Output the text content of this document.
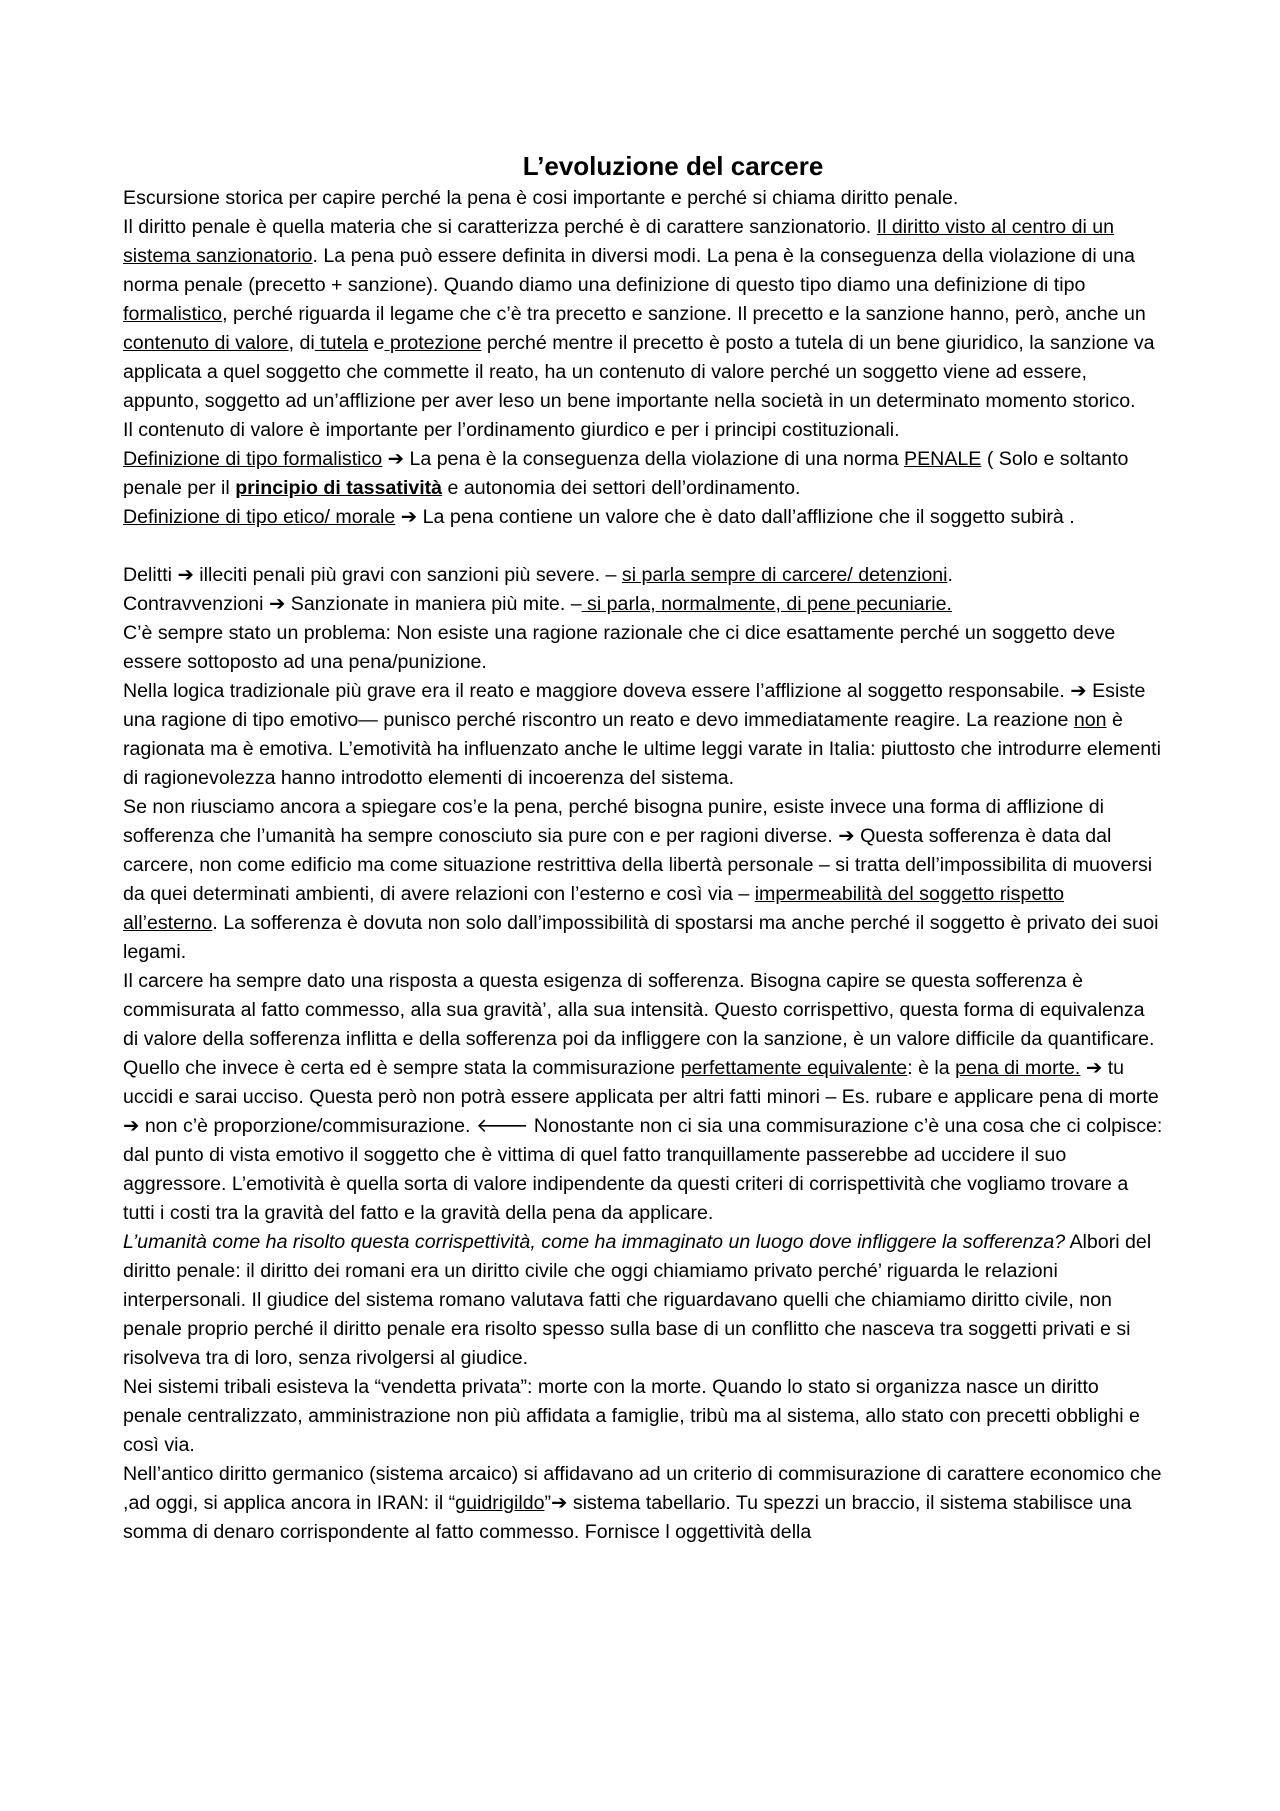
L’evoluzione del carcere

Escursione storica per capire perché la pena è cosi importante e perché si chiama diritto penale.

Il diritto penale è quella materia che si caratterizza perché è di carattere sanzionatorio. Il diritto visto al centro di un sistema sanzionatorio. La pena può essere definita in diversi modi. La pena è la conseguenza della violazione di una norma penale (precetto + sanzione). Quando diamo una definizione di questo tipo diamo una definizione di tipo formalistico, perché riguarda il legame che c’è tra precetto e sanzione. Il precetto e la sanzione hanno, però, anche un contenuto di valore, di tutela e protezione perché mentre il precetto è posto a tutela di un bene giuridico, la sanzione va applicata a quel soggetto che commette il reato, ha un contenuto di valore perché un soggetto viene ad essere, appunto, soggetto ad un’afflizione per aver leso un bene importante nella società in un determinato momento storico.

Il contenuto di valore è importante per l’ordinamento giurdico e per i principi costituzionali.

Definizione di tipo formalistico ➔ La pena è la conseguenza della violazione di una norma PENALE ( Solo e soltanto penale per il principio di tassatività e autonomia dei settori dell’ordinamento.

Definizione di tipo etico/ morale ➔ La pena contiene un valore che è dato dall’afflizione che il soggetto subirà .

Delitti ➔ illeciti penali più gravi con sanzioni più severe. – si parla sempre di carcere/ detenzioni.

Contravvenzioni ➔ Sanzionate in maniera più mite. – si parla, normalmente, di pene pecuniarie.

C’è sempre stato un problema: Non esiste una ragione razionale che ci dice esattamente perché un soggetto deve essere sottoposto ad una pena/punizione.

Nella logica tradizionale più grave era il reato e maggiore doveva essere l’afflizione al soggetto responsabile. ➔ Esiste una ragione di tipo emotivo— punisco perché riscontro un reato e devo immediatamente reagire. La reazione non è ragionata ma è emotiva. L’emotività ha influenzato anche le ultime leggi varate in Italia: piuttosto che introdurre elementi di ragionevolezza hanno introdotto elementi di incoerenza del sistema.

Se non riusciamo ancora a spiegare cos’e la pena, perché bisogna punire, esiste invece una forma di afflizione di sofferenza che l’umanità ha sempre conosciuto sia pure con e per ragioni diverse. ➔ Questa sofferenza è data dal carcere, non come edificio ma come situazione restrittiva della libertà personale – si tratta dell’impossibilita di muoversi da quei determinati ambienti, di avere relazioni con l’esterno e così via – impermeabilità del soggetto rispetto all’esterno. La sofferenza è dovuta non solo dall’impossibilità di spostarsi ma anche perché il soggetto è privato dei suoi legami.

Il carcere ha sempre dato una risposta a questa esigenza di sofferenza. Bisogna capire se questa sofferenza è commisurata al fatto commesso, alla sua gravità’, alla sua intensità. Questo corrispettivo, questa forma di equivalenza di valore della sofferenza inflitta e della sofferenza poi da infliggere con la sanzione, è un valore difficile da quantificare. Quello che invece è certa ed è sempre stata la commisurazione perfettamente equivalente: è la pena di morte. ➔ tu uccidi e sarai ucciso. Questa però non potrà essere applicata per altri fatti minori – Es. rubare e applicare pena di morte ➔ non c’è proporzione/commisurazione. 🡐 Nonostante non ci sia una commisurazione c’è una cosa che ci colpisce: dal punto di vista emotivo il soggetto che è vittima di quel fatto tranquillamente passerebbe ad uccidere il suo aggressore. L’emotività è quella sorta di valore indipendente da questi criteri di corrispettività che vogliamo trovare a tutti i costi tra la gravità del fatto e la gravità della pena da applicare.

L’umanità come ha risolto questa corrispettività, come ha immaginato un luogo dove infliggere la sofferenza? Albori del diritto penale: il diritto dei romani era un diritto civile che oggi chiamiamo privato perché’ riguarda le relazioni interpersonali. Il giudice del sistema romano valutava fatti che riguardavano quelli che chiamiamo diritto civile, non penale proprio perché il diritto penale era risolto spesso sulla base di un conflitto che nasceva tra soggetti privati e si risolveva tra di loro, senza rivolgersi al giudice.

Nei sistemi tribali esisteva la “vendetta privata”: morte con la morte. Quando lo stato si organizza nasce un diritto penale centralizzato, amministrazione non più affidata a famiglie, tribù ma al sistema, allo stato con precetti obblighi e così via.

Nell’antico diritto germanico (sistema arcaico) si affidavano ad un criterio di commisurazione di carattere economico che ,ad oggi, si applica ancora in IRAN: il “guidrigildo”➔ sistema tabellario. Tu spezzi un braccio, il sistema stabilisce una somma di denaro corrispondente al fatto commesso. Fornisce l oggettività della
